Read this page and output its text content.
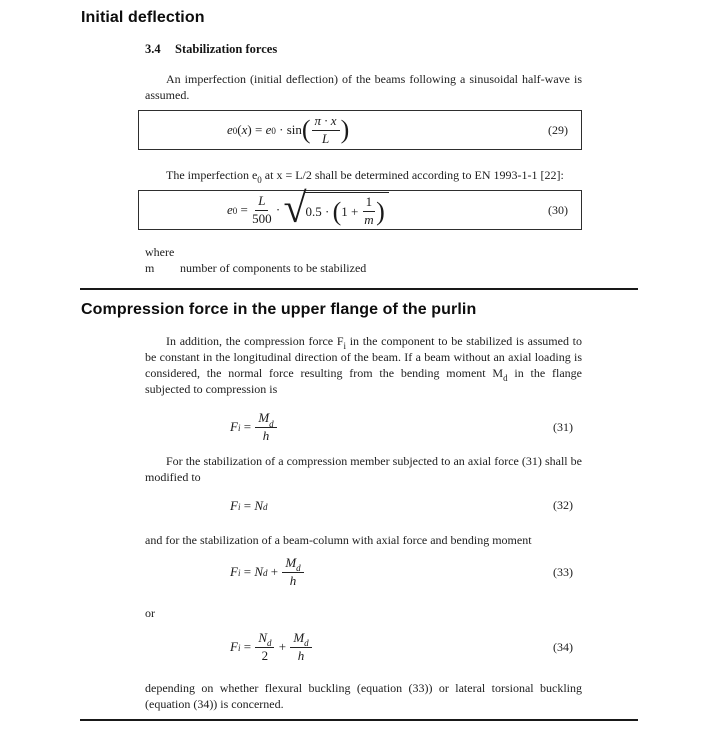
Initial deflection
3.4 Stabilization forces

An imperfection (initial deflection) of the beams following a sinusoidal half-wave is assumed.

$e_0$ ( x ) = $e_0 \cdot \sin$ ( $\frac{\pi \cdot x}{L}$ )	(29)

The imperfection $e_0$ at x = L/2 shall be determined according to EN 1993-1-1 [22]:

$e_0 = \frac{L}{500}$ · √ 0.5 · ( $1 + \frac{1}{m}$ )	(30)
where
m	number of components to be stabilized
Compression force in the upper flange of the purlin

In addition, the compression force $F_i$ in the component to be stabilized is assumed to be constant in the longitudinal direction of the beam. If a beam without an axial loading is considered, the normal force resulting from the bending moment $M_d$ in the flange subjected to compression is

$F_i = \frac{M_d}{h}$	(31)

For the stabilization of a compression member subjected to an axial force (31) shall be modified to

$F_i = N_d$	(32)

and for the stabilization of a beam-column with axial force and bending moment

$F_i = N_d + \frac{M_d}{h}$	(33)

or

$F_i = \frac{N_d}{2} + \frac{M_d}{h}$	(34)

depending on whether flexural buckling (equation (33)) or lateral torsional buckling (equation (34)) is concerned.
